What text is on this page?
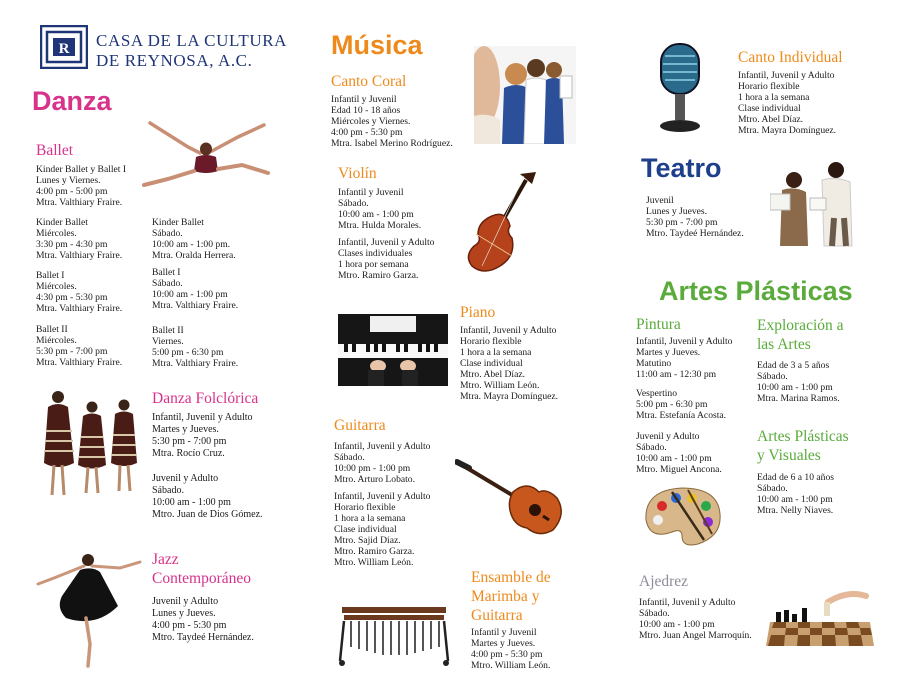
R CASA DE LA CULTURA
DE REYNOSA, A.C.
Danza
Ballet
Kinder Ballet y Ballet I
Lunes y Viernes.
4:00 pm - 5:00 pm
Mtra. Valthiary Fraire.
Kinder Ballet
Miércoles.
3:30 pm - 4:30 pm
Mtra. Valthiary Fraire.
Kinder Ballet
Sábado.
10:00 am - 1:00 pm.
Mtra. Oralda Herrera.
Ballet I
Miércoles.
4:30 pm - 5:30 pm
Mtra. Valthiary Fraire.
Ballet I
Sábado.
10:00 am - 1:00 pm
Mtra. Valthiary Fraire.
Ballet II
Miércoles.
5:30 pm - 7:00 pm
Mtra. Valthiary Fraire.
Ballet II
Viernes.
5:00 pm - 6:30 pm
Mtra. Valthiary Fraire.
Danza Folclórica
Infantil, Juvenil y Adulto
Martes y Jueves.
5:30 pm - 7:00 pm
Mtra. Rocío Cruz.
Juvenil y Adulto
Sábado.
10:00 am - 1:00 pm
Mtro. Juan de Dios Gómez.
Jazz
Contemporáneo
Juvenil y Adulto
Lunes y Jueves.
4:00 pm - 5:30 pm
Mtro. Taydeé Hernández.
Música
Canto Coral
Infantil y Juvenil
Edad 10 - 18 años
Miércoles y Viernes.
4:00 pm - 5:30 pm
Mtra. Isabel Merino Rodríguez.
Violín
Infantil y Juvenil
Sábado.
10:00 am - 1:00 pm
Mtra. Hulda Morales.
Infantil, Juvenil y Adulto
Clases individuales
1 hora por semana
Mtro. Ramiro Garza.
Piano
Infantil, Juvenil y Adulto
Horario flexible
1 hora a la semana
Clase individual
Mtro. Abel Díaz.
Mtro. William León.
Mtra. Mayra Domínguez.
Guitarra
Infantil, Juvenil y Adulto
Sábado.
10:00 pm - 1:00 pm
Mtro. Arturo Lobato.
Infantil, Juvenil y Adulto
Horario flexible
1 hora a la semana
Clase individual
Mtro. Sajid Díaz.
Mtro. Ramiro Garza.
Mtro. William León.
Ensamble de
Marimba y
Guitarra
Infantil y Juvenil
Martes y Jueves.
4:00 pm - 5:30 pm
Mtro. William León.
Canto Individual
Infantil, Juvenil y Adulto
Horario flexible
1 hora a la semana
Clase individual
Mtro. Abel Díaz.
Mtra. Mayra Domínguez.
Teatro
Juvenil
Lunes y Jueves.
5:30 pm - 7:00 pm
Mtro. Taydeé Hernández.
Artes Plásticas
Pintura
Infantil, Juvenil y Adulto
Martes y Jueves.
Matutino
11:00 am - 12:30 pm
Vespertino
5:00 pm - 6:30 pm
Mtra. Estefanía Acosta.
Juvenil y Adulto
Sábado.
10:00 am - 1:00 pm
Mtro. Miguel Ancona.
Exploración a
las Artes
Edad de 3 a 5 años
Sábado.
10:00 am - 1:00 pm
Mtra. Marina Ramos.
Artes Plásticas
y Visuales
Edad de 6 a 10 años
Sábado.
10:00 am - 1:00 pm
Mtra. Nelly Niaves.
Ajedrez
Infantil, Juvenil y Adulto
Sábado.
10:00 am - 1:00 pm
Mtro. Juan Angel Marroquín.
